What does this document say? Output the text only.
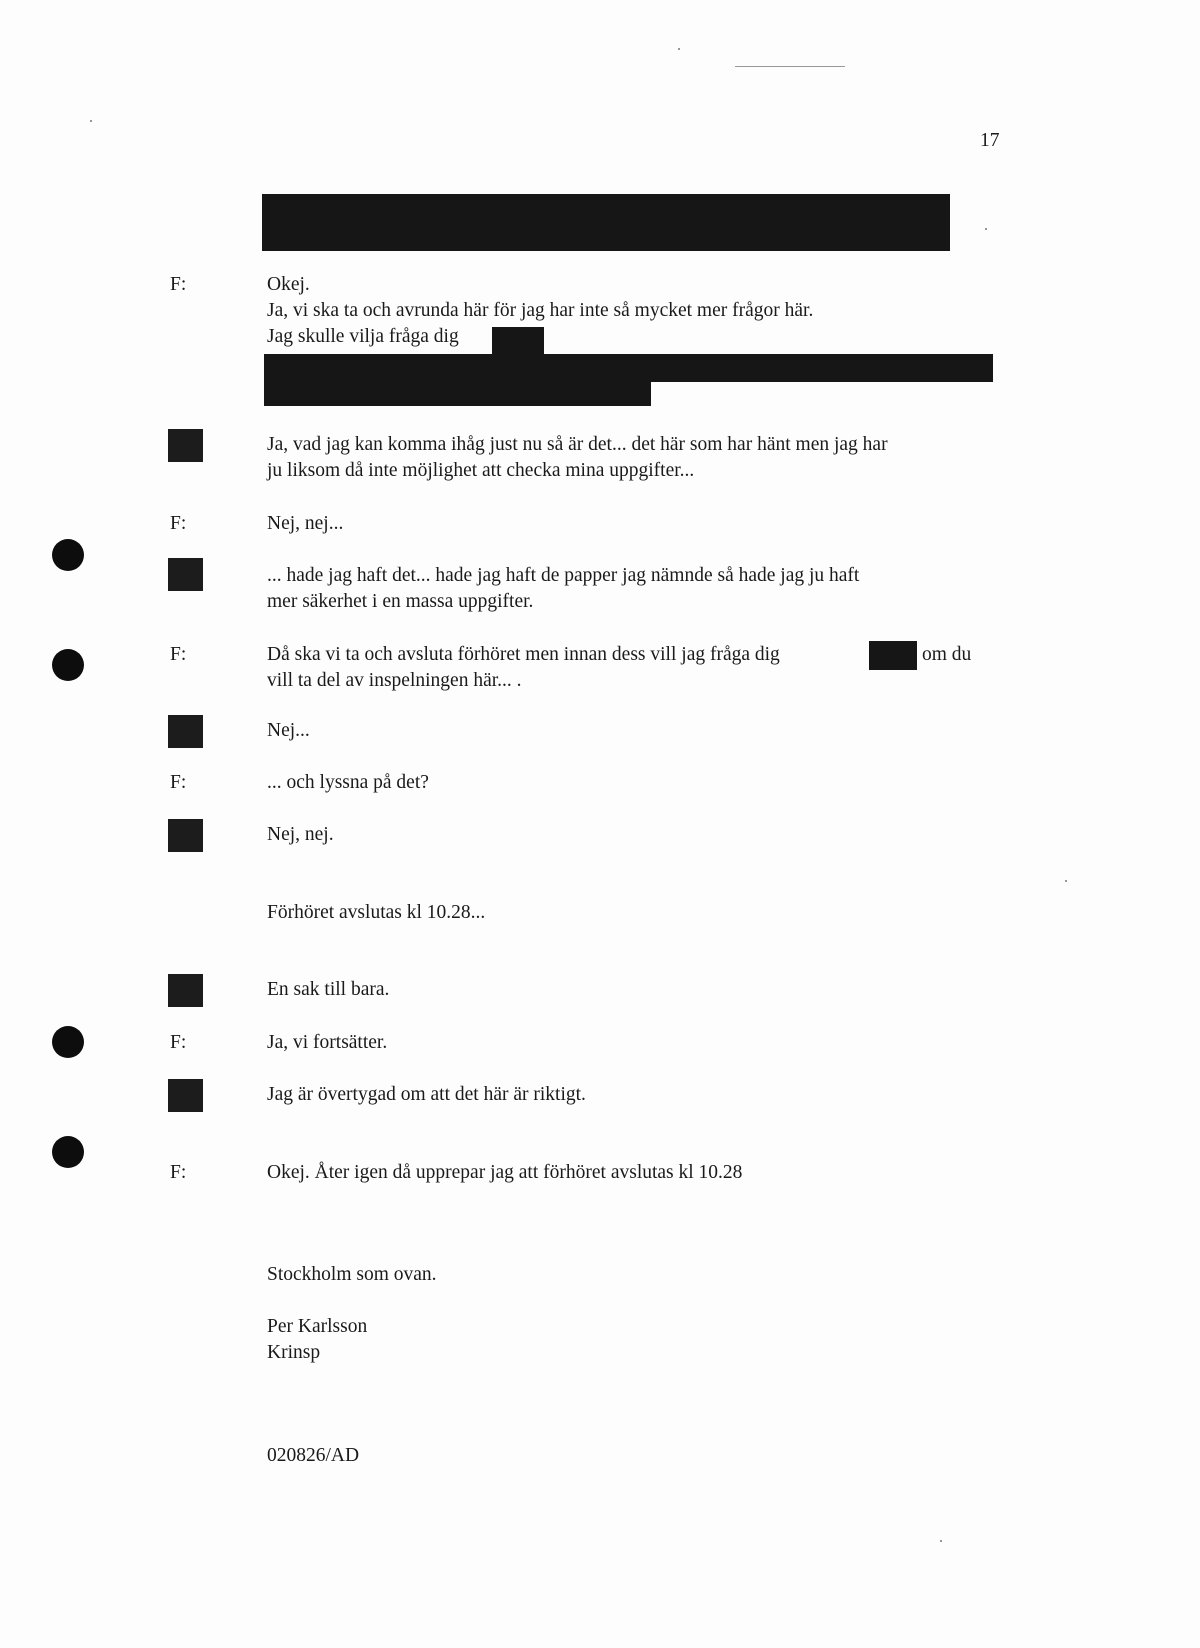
17
F:	Okej.
Ja, vi ska ta och avrunda här för jag har inte så mycket mer frågor här.
Jag skulle vilja fråga dig
Ja, vad jag kan komma ihåg just nu så är det... det här som har hänt men jag har
ju liksom då inte möjlighet att checka mina uppgifter...
F:	Nej, nej...
... hade jag haft det... hade jag haft de papper jag nämnde så hade jag ju haft
mer säkerhet i en massa uppgifter.
F:	Då ska vi ta och avsluta förhöret men innan dess vill jag fråga dig	om du
vill ta del av inspelningen här... .
Nej...
F:	... och lyssna på det?
Nej, nej.
Förhöret avslutas kl 10.28...
En sak till bara.
F:	Ja, vi fortsätter.
Jag är övertygad om att det här är riktigt.
F:	Okej. Åter igen då upprepar jag att förhöret avslutas kl 10.28
Stockholm som ovan.
Per Karlsson
Krinsp
020826/AD
